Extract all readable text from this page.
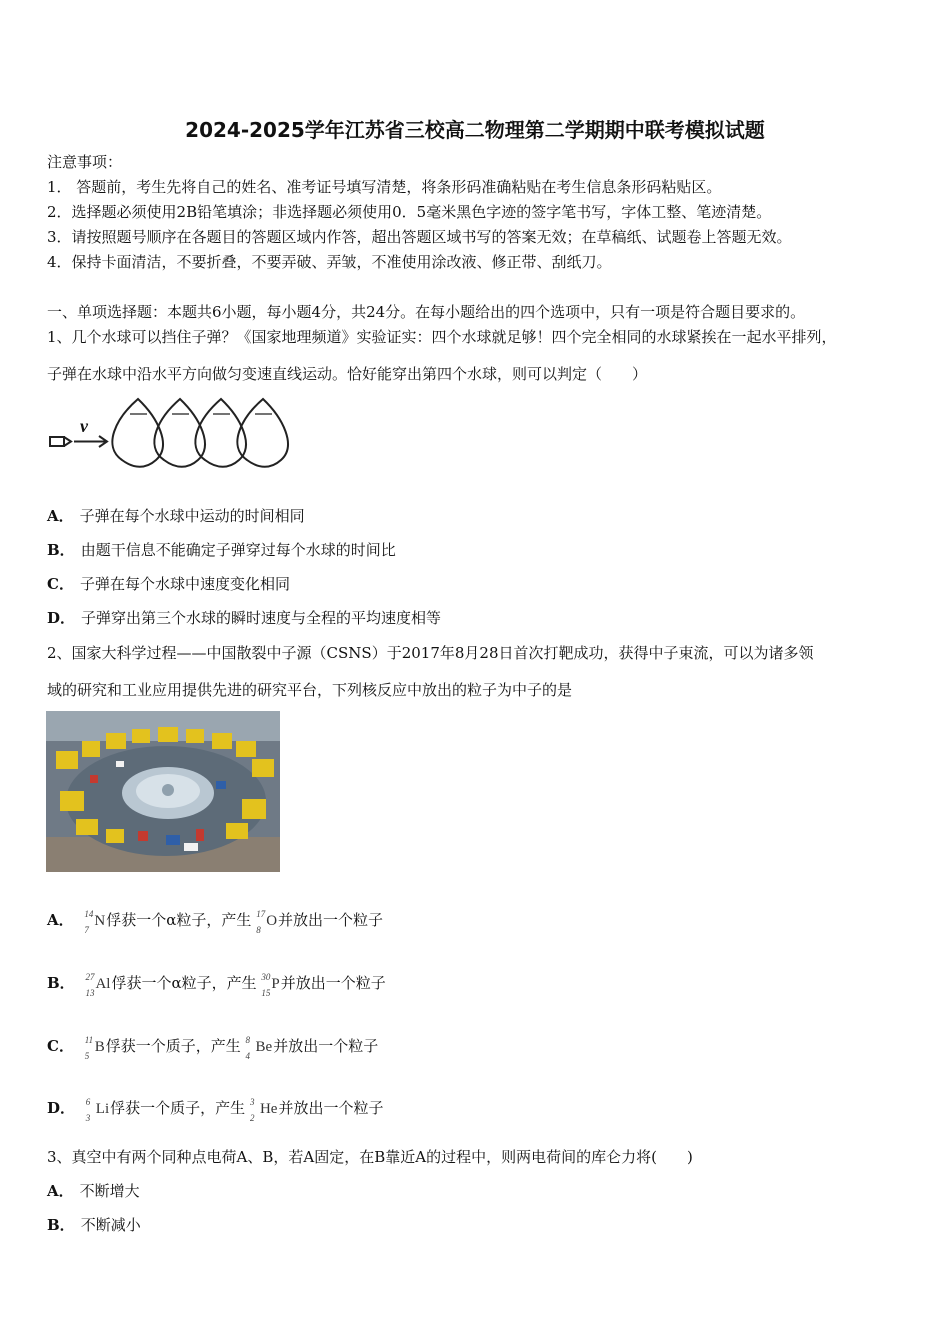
2024-2025学年江苏省三校高二物理第二学期期中联考模拟试题
注意事项：
1． 答题前，考生先将自己的姓名、准考证号填写清楚，将条形码准确粘贴在考生信息条形码粘贴区。
2．选择题必须使用2B铅笔填涂；非选择题必须使用0．5毫米黑色字迹的签字笔书写，字体工整、笔迹清楚。
3．请按照题号顺序在各题目的答题区域内作答，超出答题区域书写的答案无效；在草稿纸、试题卷上答题无效。
4．保持卡面清洁，不要折叠，不要弄破、弄皱，不准使用涂改液、修正带、刮纸刀。
一、单项选择题：本题共6小题，每小题4分，共24分。在每小题给出的四个选项中，只有一项是符合题目要求的。
1、几个水球可以挡住子弹？《国家地理频道》实验证实：四个水球就足够！四个完全相同的水球紧挨在一起水平排列，
子弹在水球中沿水平方向做匀变速直线运动。恰好能穿出第四个水球，则可以判定（　　）
v
A． 子弹在每个水球中运动的时间相同
B． 由题干信息不能确定子弹穿过每个水球的时间比
C． 子弹在每个水球中速度变化相同
D． 子弹穿出第三个水球的瞬时速度与全程的平均速度相等
2、国家大科学过程——中国散裂中子源（CSNS）于2017年8月28日首次打靶成功，获得中子束流，可以为诸多领
域的研究和工业应用提供先进的研究平台，下列核反应中放出的粒子为中子的是
A． 14
7
N俘获一个α粒子，产生 17
8
O并放出一个粒子
B． 27
13
Al俘获一个α粒子，产生 30
15
P并放出一个粒子
C． 11
5
B俘获一个质子，产生 8
4
Be并放出一个粒子
D． 6
3
Li俘获一个质子，产生 3
2
He并放出一个粒子
3、真空中有两个同种点电荷A、B，若A固定，在B靠近A的过程中，则两电荷间的库仑力将(　　)
A． 不断增大
B． 不断减小
